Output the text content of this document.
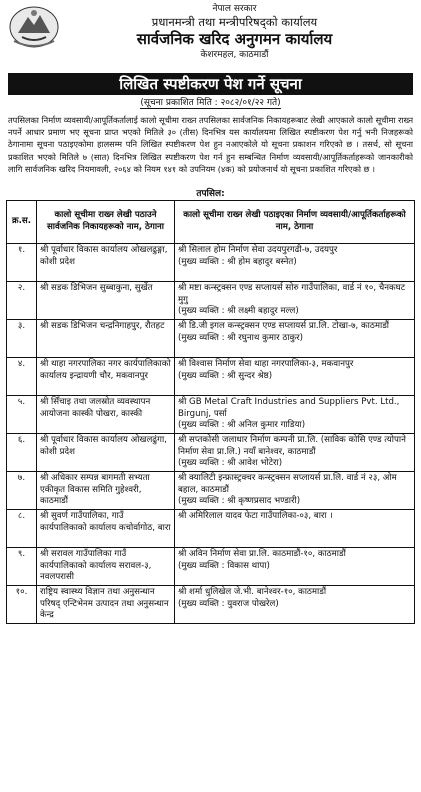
नेपाल सरकार
प्रधानमन्त्री तथा मन्त्रीपरिषद्को कार्यालय
सार्वजनिक खरिद अनुगमन कार्यालय
केशरमहल, काठमाडौं
लिखित स्पष्टीकरण पेश गर्ने सूचना
(सूचना प्रकाशित मिति : २०८२/०१/२२ गते)
तपसिलका निर्माण व्यवसायी/आपूर्तिकर्तालाई कालो सूचीमा राख्न तपसिलका सार्वजनिक निकायहरूबाट लेखी आएकाले कालो सूचीमा राख्न नपर्ने आधार प्रमाण भए सूचना प्राप्त भएको मितिले ३० (तीस) दिनभित्र यस कार्यालयमा लिखित स्पष्टीकरण पेश गर्नु भनी निजहरूको ठेगानामा सूचना पठाइएकोमा हालसम्म पनि लिखित स्पष्टीकरण पेश हुन नआएकोले यो सूचना प्रकाशन गरिएको छ । तसर्थ, सो सूचना प्रकाशित भएको मितिले ७ (सात) दिनभित्र लिखित स्पष्टीकरण पेश गर्न हुन सम्बन्धित निर्माण व्यवसायी/आपूर्तिकर्ताहरूको जानकारीको लागि सार्वजनिक खरिद नियमावली, २०६४ को नियम १४१ को उपनियम (४क) को प्रयोजनार्थ यो सूचना प्रकाशित गरिएको छ ।
तपसिल:
क्र.स.	कालो सूचीमा राख्न लेखी पठाउने सार्वजनिक निकायहरूको नाम, ठेगाना	कालो सूचीमा राख्न लेखी पठाइएका निर्माण व्यवसायी/आपूर्तिकर्ताहरूको नाम, ठेगाना
१.	श्री पूर्वाधार विकास कार्यालय ओखलढुङ्गा, कोशी प्रदेश	श्री सिलाल होम निर्माण सेवा उदयपुरगढी-७, उदयपुर
(मुख्य व्यक्ति : श्री होम बहादुर बस्नेत)

२.	श्री सडक डिभिजन सुब्बाकुना, सुर्खेत	श्री मष्टा कन्स्ट्रक्सन एण्ड सप्लायर्स सोरु गाउँपालिका, वार्ड नं १०, चैनकघट मुगु
(मुख्य व्यक्ति : श्री लक्ष्मी बहादुर मल्ल)

३.	श्री सडक डिभिजन चन्द्रनिगाहपुर, रौतहट	श्री डि.जी इगल कन्स्ट्रक्सन एण्ड सप्लायर्स प्रा.लि. टोखा-७, काठमाडौं
(मुख्य व्यक्ति : श्री रघुनाथ कुमार ठाकुर)

४.	श्री थाहा नगरपालिका नगर कार्यपालिकाको कार्यालय इन्द्रायणी चौर, मकवानपुर	श्री विश्वास निर्माण सेवा थाहा नगरपालिका-३, मकवानपुर
(मुख्य व्यक्ति : श्री सुन्दर श्रेष्ठ)

५.	श्री सिँचाइ तथा जलस्रोत व्यवस्थापन आयोजना कास्की पोखरा, कास्की	श्री GB Metal Craft Industries and Suppliers Pvt. Ltd., Birgunj, पर्सा
(मुख्य व्यक्ति : श्री अनिल कुमार गाडिया)

६.	श्री पूर्वाधार विकास कार्यालय ओखलढुंगा, कोशी प्रदेश	श्री सप्तकोसी जलाधार निर्माण कम्पनी प्रा.लि. (साविक कोसि एण्ड त्योपाने निर्माण सेवा प्रा.लि.) नयाँ बानेश्वर, काठमाडौं
(मुख्य व्यक्ति : श्री आवेश भोटेरा)

७.	श्री अधिकार सम्पन्न बागमती सभ्यता एकीकृत विकास समिति गुहेश्वरी, काठमाडौं	श्री क्यालिटी इन्फ्रास्ट्रक्चर कन्स्ट्रक्सन सप्लायर्स प्रा.लि. वार्ड नं २३, ओम बहाल, काठमाडौं
(मुख्य व्यक्ति : श्री कृष्णप्रसाद भण्डारी)

८.	श्री सुवर्ण गाउँपालिका, गाउँ कार्यपालिकाको कार्यालय कचोर्वागोठ, बारा	श्री अमिरिलाल यादव फेटा गाउँपालिका-०३, बारा ।

९.	श्री सरावल गाउँपालिका गाउँ कार्यपालिकाको कार्यालय सरावल-३, नवलपरासी	श्री अविन निर्माण सेवा प्रा.लि. काठमाडौं-१०, काठमाडौं
(मुख्य व्यक्ति : विकास थापा)

१०.	राष्ट्रिय स्वास्थ्य विज्ञान तथा अनुसन्धान परिषद् एन्टिभेनम उत्पादन तथा अनुसन्धान केन्द्र	श्री शर्मा धुलिखेल जे.भी. बानेश्वर-१०, काठमाडौं
(मुख्य व्यक्ति : युवराज पोखरेल)
